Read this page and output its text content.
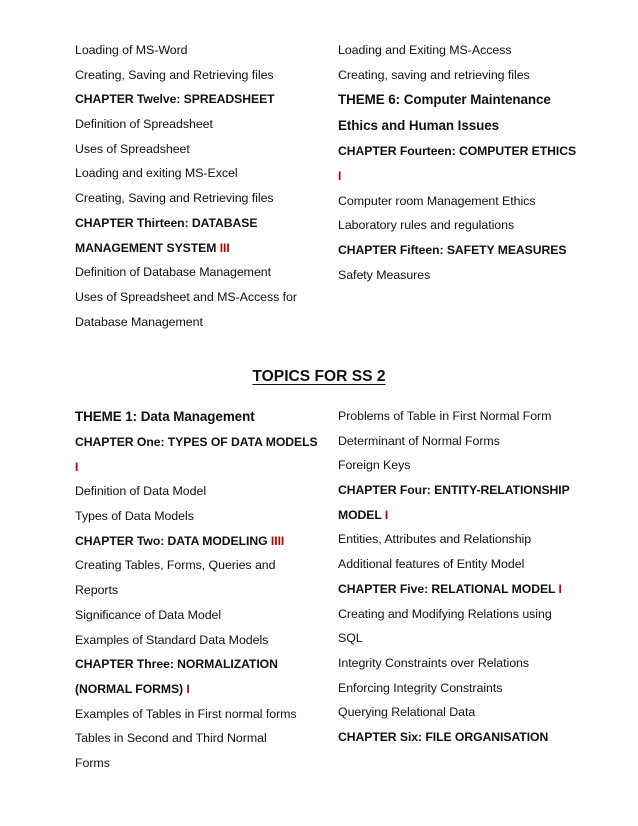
Loading of MS-Word
Creating, Saving and Retrieving files
CHAPTER Twelve: SPREADSHEET
Definition of Spreadsheet
Uses of Spreadsheet
Loading and exiting MS-Excel
Creating, Saving and Retrieving files
CHAPTER Thirteen: DATABASE
MANAGEMENT SYSTEM III
Definition of Database Management
Uses of Spreadsheet and MS-Access for
Database Management
Loading and Exiting MS-Access
Creating, saving and retrieving files
THEME 6: Computer Maintenance
Ethics and Human Issues
CHAPTER Fourteen: COMPUTER ETHICS
I
Computer room Management Ethics
Laboratory rules and regulations
CHAPTER Fifteen: SAFETY MEASURES
Safety Measures
TOPICS FOR SS 2
THEME 1: Data Management
CHAPTER One: TYPES OF DATA MODELS
I
Definition of Data Model
Types of Data Models
CHAPTER Two: DATA MODELING IIII
Creating Tables, Forms, Queries and
Reports
Significance of Data Model
Examples of Standard Data Models
CHAPTER Three: NORMALIZATION
(NORMAL FORMS) I
Examples of Tables in First normal forms
Tables in Second and Third Normal
Forms
Problems of Table in First Normal Form
Determinant of Normal Forms
Foreign Keys
CHAPTER Four: ENTITY-RELATIONSHIP
MODEL I
Entities, Attributes and Relationship
Additional features of Entity Model
CHAPTER Five: RELATIONAL MODEL I
Creating and Modifying Relations using
SQL
Integrity Constraints over Relations
Enforcing Integrity Constraints
Querying Relational Data
CHAPTER Six: FILE ORGANISATION
